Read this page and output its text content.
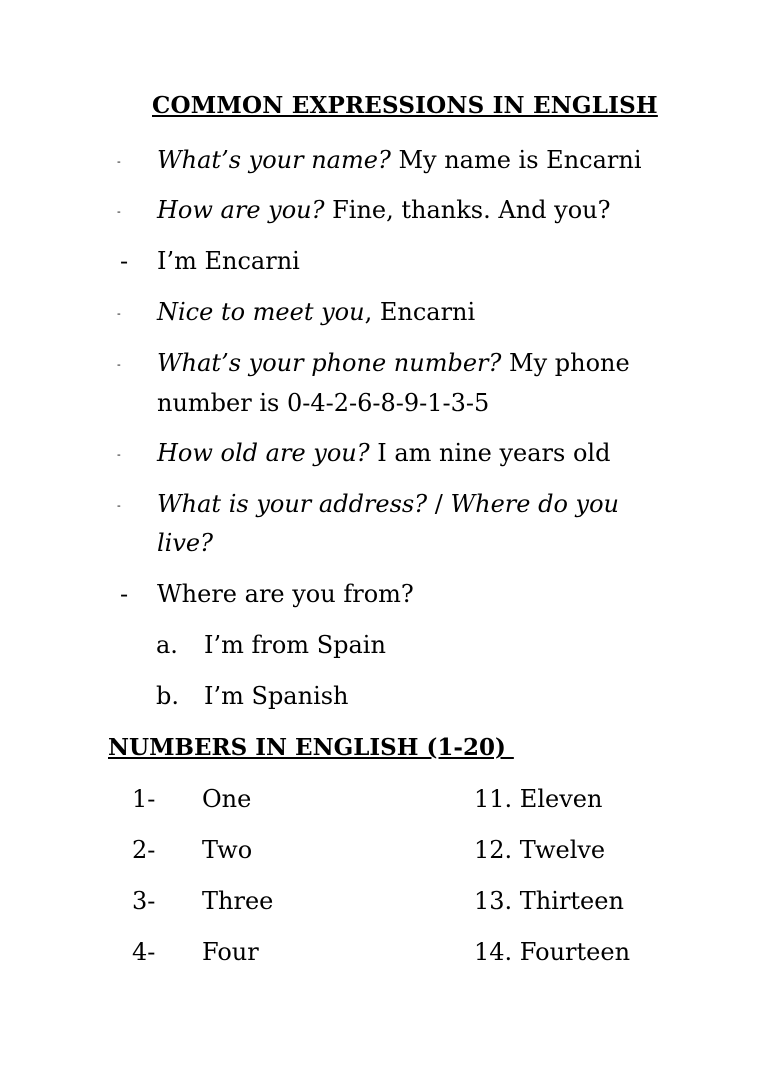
COMMON EXPRESSIONS IN ENGLISH
- What’s your name? My name is Encarni
- How are you? Fine, thanks. And you?
- I’m Encarni
- Nice to meet you, Encarni
- What’s your phone number? My phone
number is 0-4-2-6-8-9-1-3-5
- How old are you? I am nine years old
- What is your address? / Where do you
live?
- Where are you from?
a. I’m from Spain
b. I’m Spanish
NUMBERS IN ENGLISH (1-20)
1- One	11. Eleven
2- Two	12. Twelve
3- Three	13. Thirteen
4- Four	14. Fourteen
